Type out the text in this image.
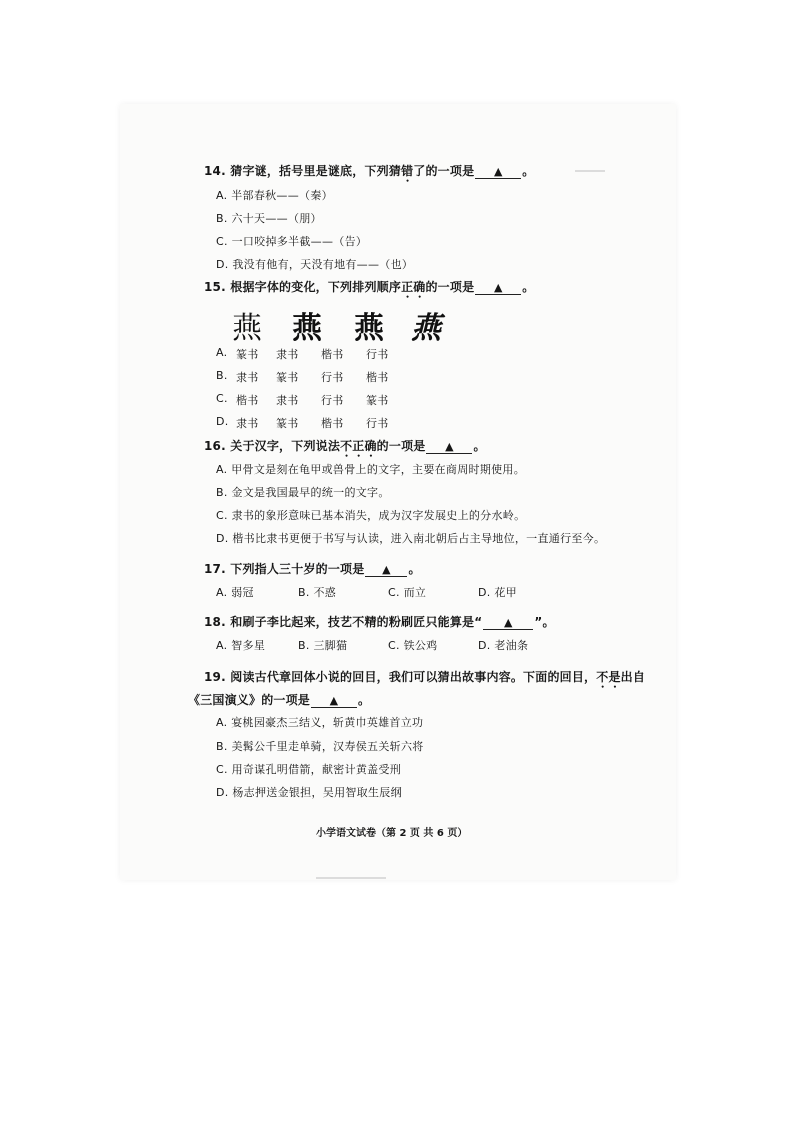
14. 猜字谜，括号里是谜底，下列猜错了的一项是 ▲ 。
A. 半部春秋——（秦）
B. 六十天——（朋）
C. 一口咬掉多半截——（告）
D. 我没有他有，天没有地有——（也）
15. 根据字体的变化，下列排列顺序正确的一项是 ▲ 。
燕 燕 燕 燕
A. 篆书 隶书 楷书 行书
B. 隶书 篆书 行书 楷书
C. 楷书 隶书 行书 篆书
D. 隶书 篆书 楷书 行书
16. 关于汉字，下列说法不正确的一项是 ▲ 。
A. 甲骨文是刻在龟甲或兽骨上的文字，主要在商周时期使用。
B. 金文是我国最早的统一的文字。
C. 隶书的象形意味已基本消失，成为汉字发展史上的分水岭。
D. 楷书比隶书更便于书写与认读，进入南北朝后占主导地位，一直通行至今。
17. 下列指人三十岁的一项是 ▲ 。
A. 弱冠	B. 不惑	C. 而立	D. 花甲
18. 和刷子李比起来，技艺不精的粉刷匠只能算是“ ▲ ”。
A. 智多星	B. 三脚猫	C. 铁公鸡	D. 老油条
19. 阅读古代章回体小说的回目，我们可以猜出故事内容。下面的回目，不是出自
《三国演义》的一项是 ▲ 。
A. 宴桃园豪杰三结义，斩黄巾英雄首立功
B. 美髯公千里走单骑，汉寿侯五关斩六将
C. 用奇谋孔明借箭，献密计黄盖受刑
D. 杨志押送金银担，吴用智取生辰纲
小学语文试卷（第 2 页 共 6 页）
